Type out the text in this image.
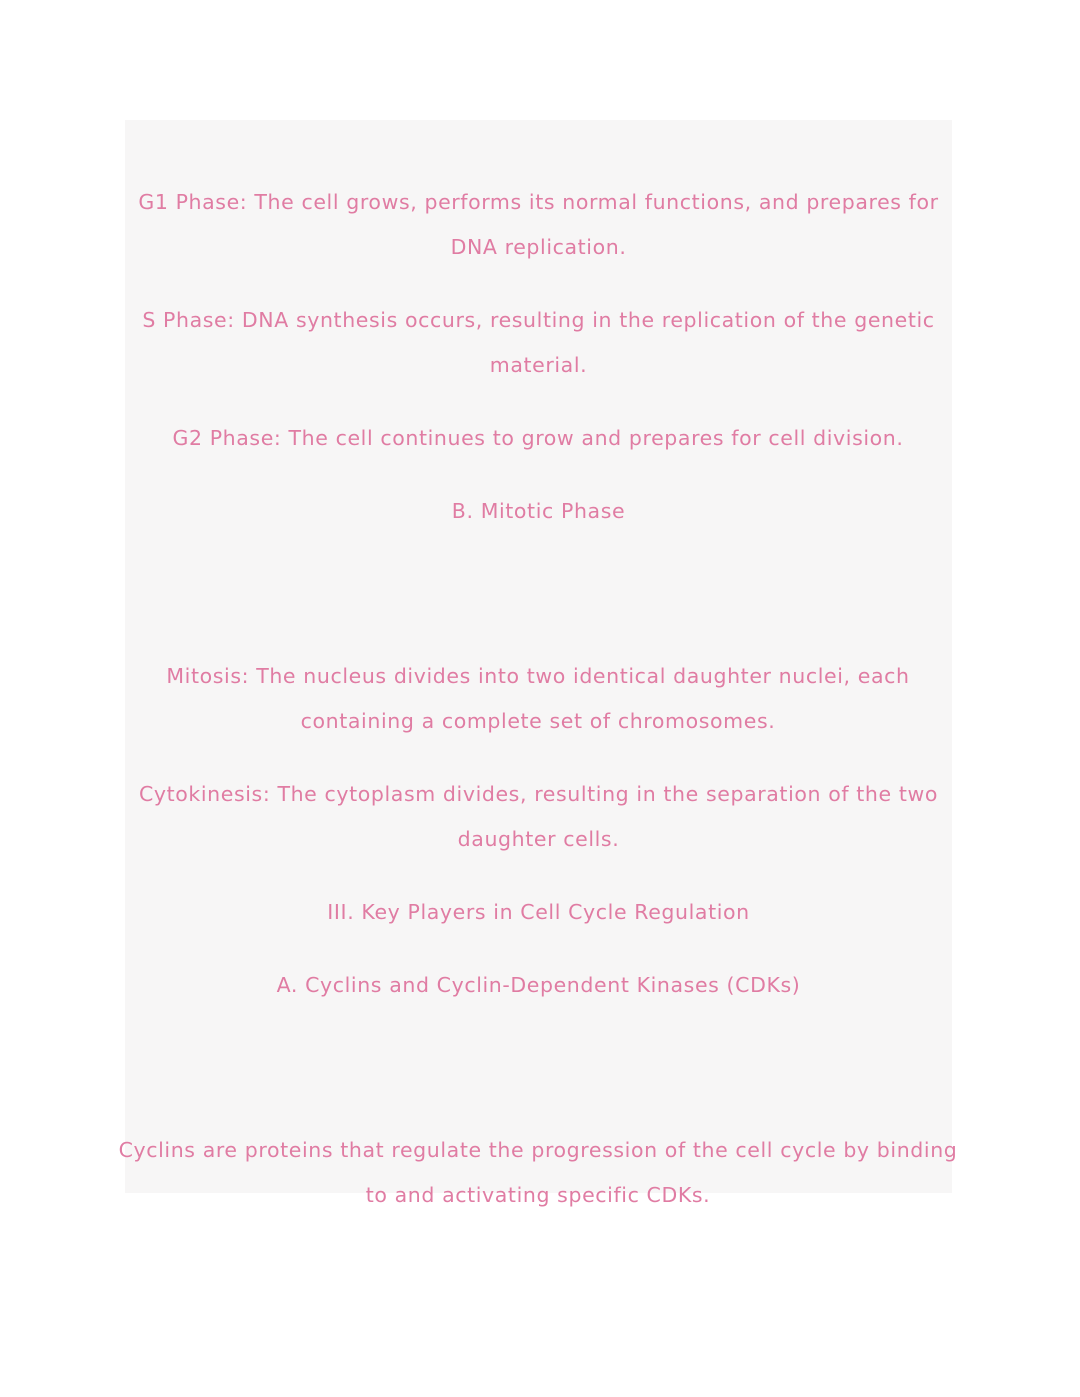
G1 Phase: The cell grows, performs its normal functions, and prepares for DNA replication.

S Phase: DNA synthesis occurs, resulting in the replication of the genetic material.

G2 Phase: The cell continues to grow and prepares for cell division.

B. Mitotic Phase

Mitosis: The nucleus divides into two identical daughter nuclei, each containing a complete set of chromosomes.

Cytokinesis: The cytoplasm divides, resulting in the separation of the two daughter cells.

III. Key Players in Cell Cycle Regulation

A. Cyclins and Cyclin-Dependent Kinases (CDKs)

Cyclins are proteins that regulate the progression of the cell cycle by binding to and activating specific CDKs.
